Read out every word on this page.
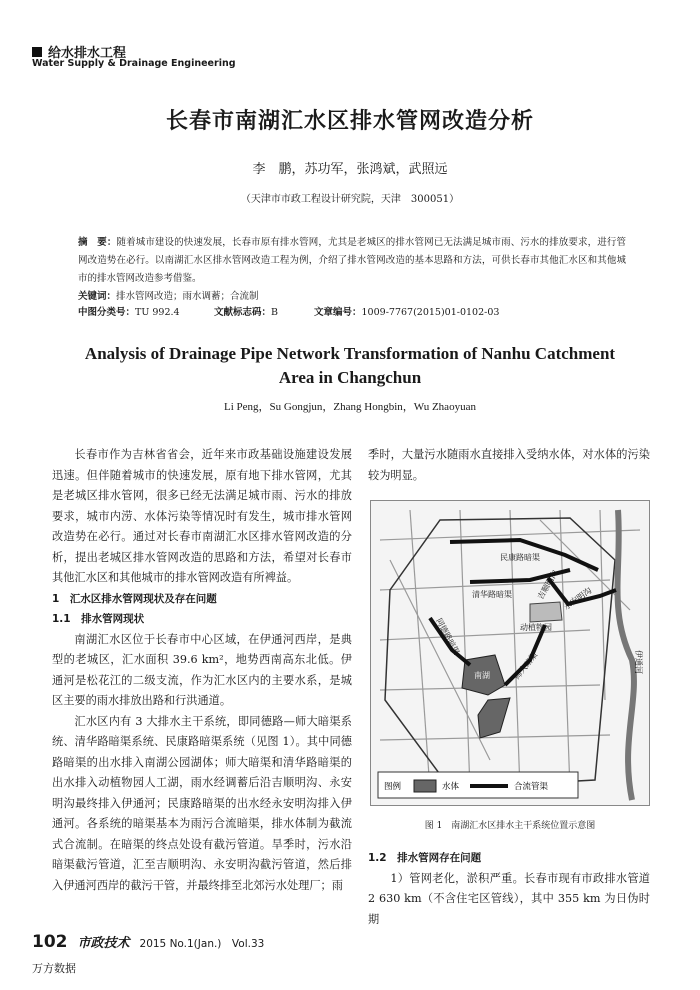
给水排水工程
Water Supply & Drainage Engineering
长春市南湖汇水区排水管网改造分析
李　鹏，苏功军，张鸿斌，武照远
（天津市市政工程设计研究院，天津　300051）
摘　要：随着城市建设的快速发展，长春市原有排水管网，尤其是老城区的排水管网已无法满足城市雨、污水的排放要求，进行管网改造势在必行。以南湖汇水区排水管网改造工程为例，介绍了排水管网改造的基本思路和方法，可供长春市其他汇水区和其他城市的排水管网改造参考借鉴。
关键词：排水管网改造；雨水调蓄；合流制
中图分类号：TU 992.4	文献标志码：B	文章编号：1009-7767(2015)01-0102-03
Analysis of Drainage Pipe Network Transformation of Nanhu Catchment Area in Changchun
Li Peng，Su Gongjun，Zhang Hongbin，Wu Zhaoyuan

长春市作为吉林省省会，近年来市政基础设施建设发展迅速。但伴随着城市的快速发展，原有地下排水管网，尤其是老城区排水管网，很多已经无法满足城市雨、污水的排放要求，城市内涝、水体污染等情况时有发生，城市排水管网改造势在必行。通过对长春市南湖汇水区排水管网改造的分析，提出老城区排水管网改造的思路和方法，希望对长春市其他汇水区和其他城市的排水管网改造有所裨益。

1　汇水区排水管网现状及存在问题

1.1　排水管网现状

南湖汇水区位于长春市中心区域，在伊通河西岸，是典型的老城区，汇水面积 39.6 km²，地势西南高东北低。伊通河是松花江的二级支流，作为汇水区内的主要水系，是城区主要的雨水排放出路和行洪通道。

汇水区内有 3 大排水主干系统，即同德路—师大暗渠系统、清华路暗渠系统、民康路暗渠系统（见图 1）。其中同德路暗渠的出水排入南湖公园湖体；师大暗渠和清华路暗渠的出水排入动植物园人工湖，雨水经调蓄后沿吉顺明沟、永安明沟最终排入伊通河；民康路暗渠的出水经永安明沟排入伊通河。各系统的暗渠基本为雨污合流暗渠，排水体制为截流式合流制。在暗渠的终点处设有截污管道。旱季时，污水沿暗渠截污管道，汇至吉顺明沟、永安明沟截污管道，然后排入伊通河西岸的截污干管，并最终排至北郊污水处理厂；雨

季时，大量污水随雨水直接排入受纳水体，对水体的污染较为明显。

民康路暗渠
清华路暗渠	吉顺明沟 永安明沟
动植物园
同德路暗渠
师大暗渠
南湖
伊通河
图例	水体	合流管渠
图 1　南湖汇水区排水主干系统位置示意图

1.2　排水管网存在问题

1）管网老化，淤积严重。长春市现有市政排水管道 2 630 km（不含住宅区管线），其中 355 km 为日伪时期

102 市政技术 2015 No.1(Jan.)　Vol.33
万方数据
